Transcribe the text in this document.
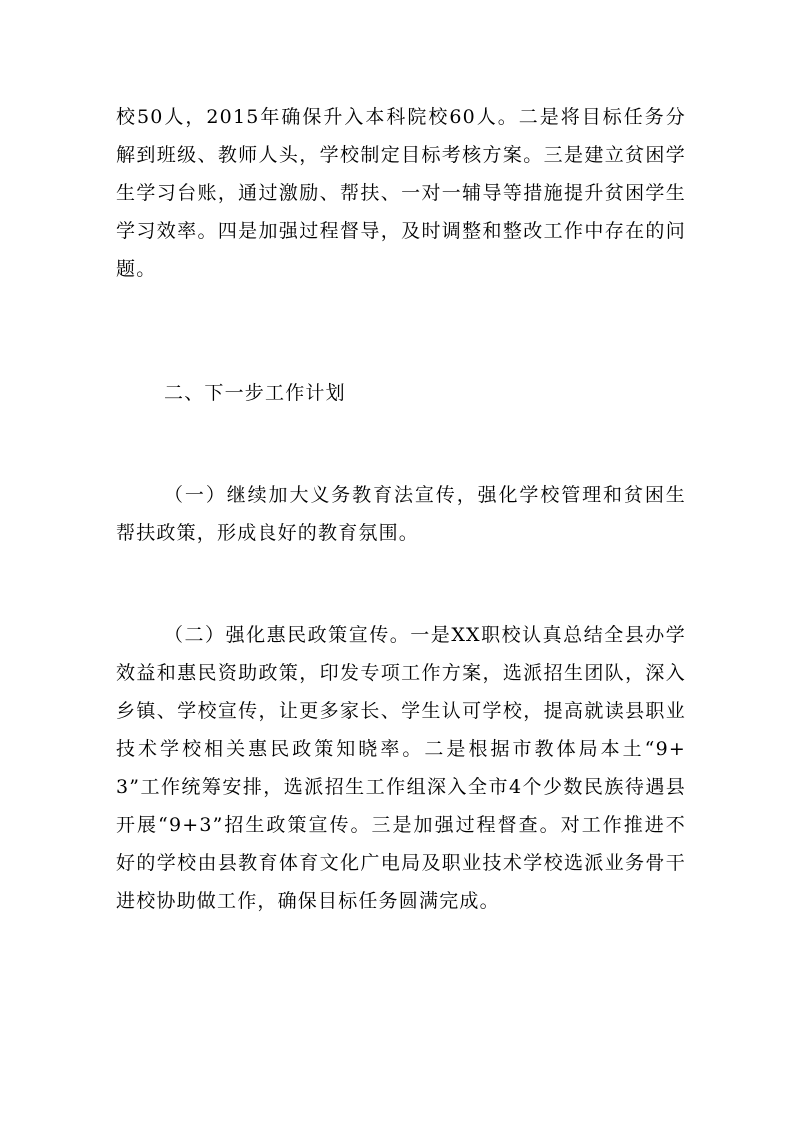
校50人，2015年确保升入本科院校60人。二是将目标任务分解到班级、教师人头，学校制定目标考核方案。三是建立贫困学生学习台账，通过激励、帮扶、一对一辅导等措施提升贫困学生学习效率。四是加强过程督导，及时调整和整改工作中存在的问题。

二、下一步工作计划

（一）继续加大义务教育法宣传，强化学校管理和贫困生帮扶政策，形成良好的教育氛围。

（二）强化惠民政策宣传。一是XX职校认真总结全县办学效益和惠民资助政策，印发专项工作方案，选派招生团队，深入乡镇、学校宣传，让更多家长、学生认可学校，提高就读县职业技术学校相关惠民政策知晓率。二是根据市教体局本土“9+3”工作统筹安排，选派招生工作组深入全市4个少数民族待遇县开展“9+3”招生政策宣传。三是加强过程督查。对工作推进不好的学校由县教育体育文化广电局及职业技术学校选派业务骨干进校协助做工作，确保目标任务圆满完成。
